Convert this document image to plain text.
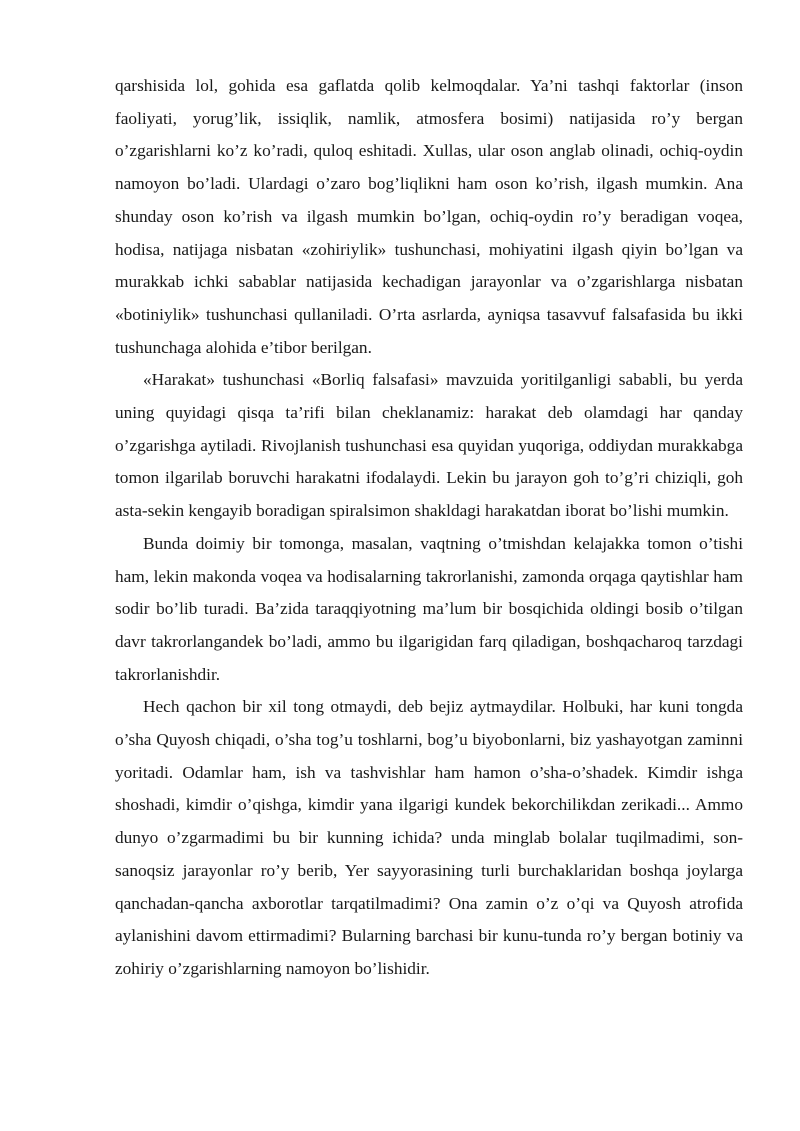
qarshisida lol, gohida esa gaflatda qolib kelmoqdalar. Ya’ni tashqi faktorlar (inson faoliyati, yorug’lik, issiqlik, namlik, atmosfera bosimi) natijasida ro’y bergan o’zgarishlarni ko’z ko’radi, quloq eshitadi. Xullas, ular oson anglab olinadi, ochiq-oydin namoyon bo’ladi. Ulardagi o’zaro bog’liqlikni ham oson ko’rish, ilgash mumkin. Ana shunday oson ko’rish va ilgash mumkin bo’lgan, ochiq-oydin ro’y beradigan voqea, hodisa, natijaga nisbatan «zohiriylik» tushunchasi, mohiyatini ilgash qiyin bo’lgan va murakkab ichki sabablar natijasida kechadigan jarayonlar va o’zgarishlarga nisbatan «botiniylik» tushunchasi qullaniladi. O’rta asrlarda, ayniqsa tasavvuf falsafasida bu ikki tushunchaga alohida e’tibor berilgan.

«Harakat» tushunchasi «Borliq falsafasi» mavzuida yoritilganligi sababli, bu yerda uning quyidagi qisqa ta’rifi bilan cheklanamiz: harakat deb olamdagi har qanday o’zgarishga aytiladi. Rivojlanish tushunchasi esa quyidan yuqoriga, oddiydan murakkabga tomon ilgarilab boruvchi harakatni ifodalaydi. Lekin bu jarayon goh to’g’ri chiziqli, goh asta-sekin kengayib boradigan spiralsimon shakldagi harakatdan iborat bo’lishi mumkin.

Bunda doimiy bir tomonga, masalan, vaqtning o’tmishdan kelajakka tomon o’tishi ham, lekin makonda voqea va hodisalarning takrorlanishi, zamonda orqaga qaytishlar ham sodir bo’lib turadi. Ba’zida taraqqiyotning ma’lum bir bosqichida oldingi bosib o’tilgan davr takrorlangandek bo’ladi, ammo bu ilgarigidan farq qiladigan, boshqacharoq tarzdagi takrorlanishdir.

Hech qachon bir xil tong otmaydi, deb bejiz aytmaydilar. Holbuki, har kuni tongda o’sha Quyosh chiqadi, o’sha tog’u toshlarni, bog’u biyobonlarni, biz yashayotgan zaminni yoritadi. Odamlar ham, ish va tashvishlar ham hamon o’sha-o’shadek. Kimdir ishga shoshadi, kimdir o’qishga, kimdir yana ilgarigi kundek bekorchilikdan zerikadi... Ammo dunyo o’zgarmadimi bu bir kunning ichida? unda minglab bolalar tuqilmadimi, son-sanoqsiz jarayonlar ro’y berib, Yer sayyorasining turli burchaklaridan boshqa joylarga qanchadan-qancha axborotlar tarqatilmadimi? Ona zamin o’z o’qi va Quyosh atrofida aylanishini davom ettirmadimi? Bularning barchasi bir kunu-tunda ro’y bergan botiniy va zohiriy o’zgarishlarning namoyon bo’lishidir.
